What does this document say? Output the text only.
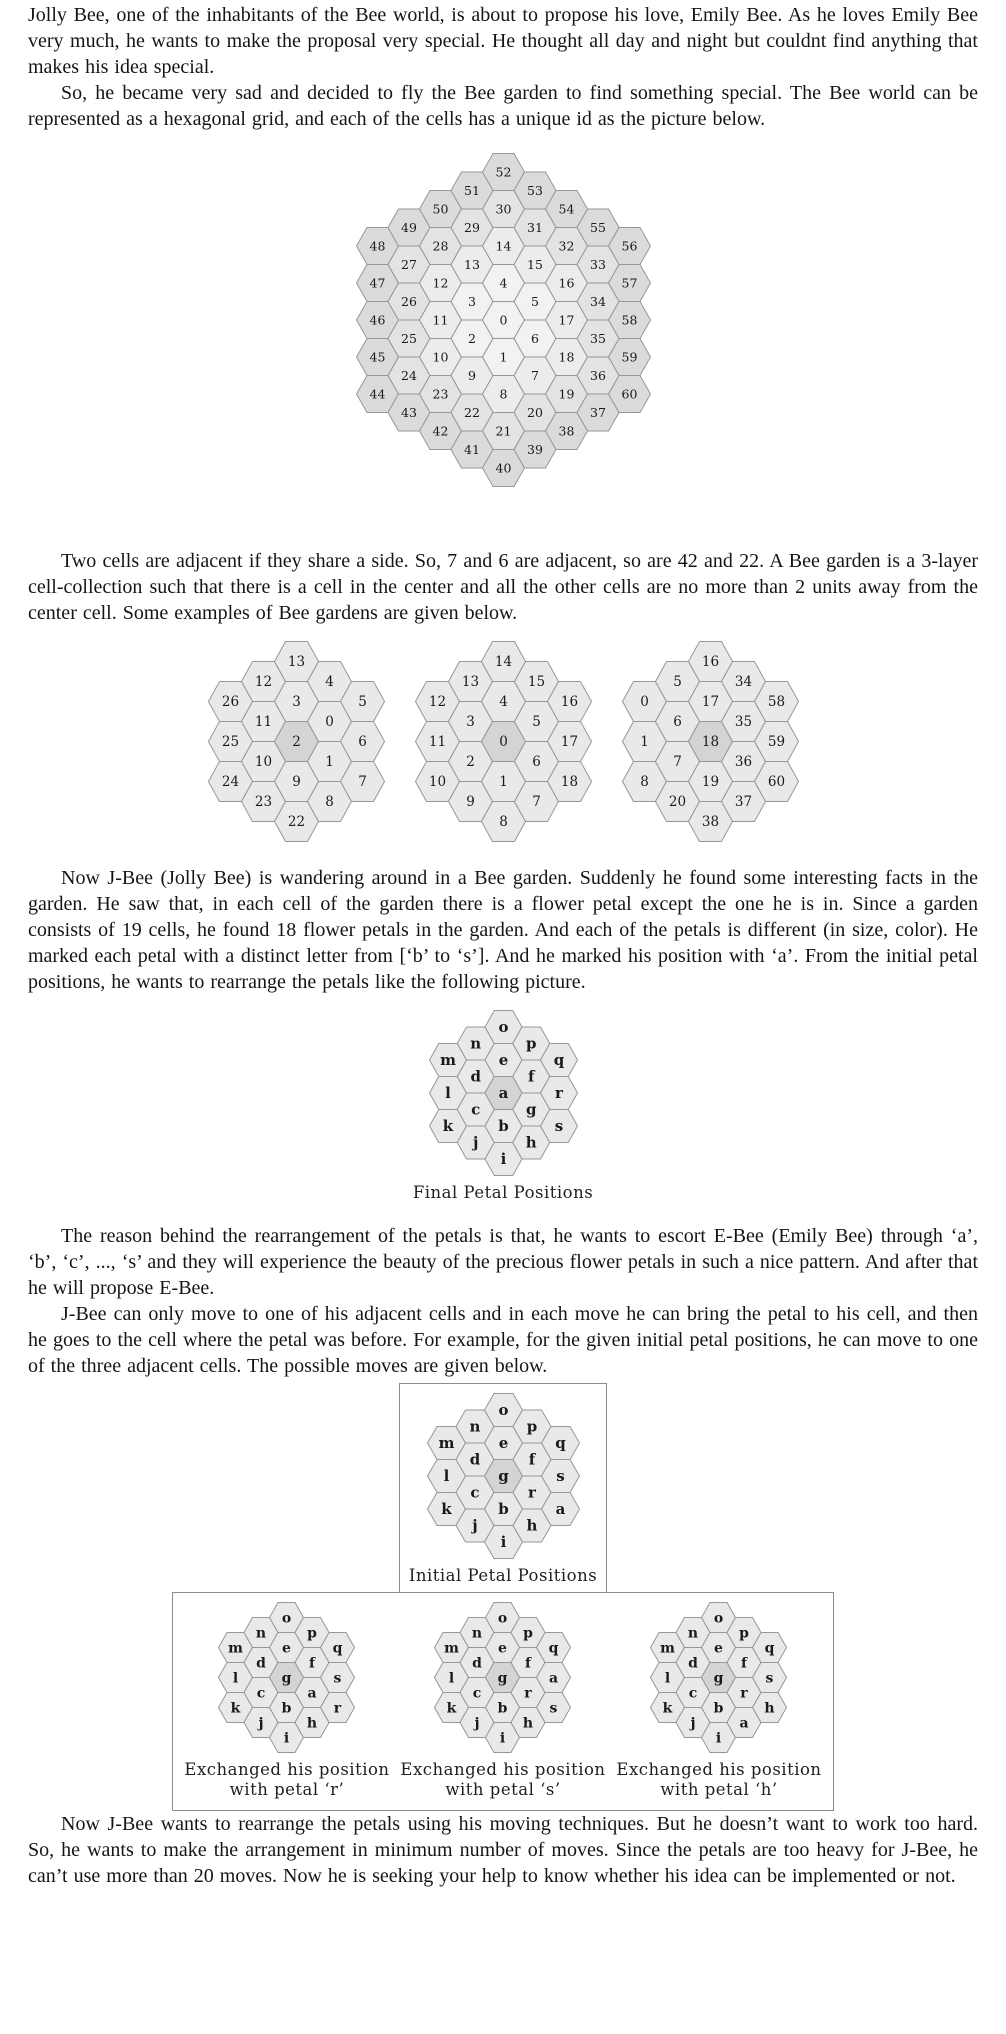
Jolly Bee, one of the inhabitants of the Bee world, is about to propose his love, Emily Bee. As he loves Emily Bee very much, he wants to make the proposal very special. He thought all day and night but couldnt find anything that makes his idea special.

So, he became very sad and decided to fly the Bee garden to find something special. The Bee world can be represented as a hexagonal grid, and each of the cells has a unique id as the picture below.

48
47
46
45
44
49
27
26
25
24
43
50
28
12
11
10
23
42
51
29
13
3
2
9
22
41
52
30
14
4
0
1
8
21
40
53
31
15
5
6
7
20
39
54
32
16
17
18
19
38
55
33
34
35
36
37
56
57
58
59
60

Two cells are adjacent if they share a side. So, 7 and 6 are adjacent, so are 42 and 22. A Bee garden is a 3-layer cell-collection such that there is a cell in the center and all the other cells are no more than 2 units away from the center cell. Some examples of Bee gardens are given below.

26
25
24
12
11
10
23
13
3
2
9
22
4
0
1
8
5
6
7
12
11
10
13
3
2
9
14
4
0
1
8
15
5
6
7
16
17
18
0
1
8
5
6
7
20
16
17
18
19
38
34
35
36
37
58
59
60

Now J-Bee (Jolly Bee) is wandering around in a Bee garden. Suddenly he found some interesting facts in the garden. He saw that, in each cell of the garden there is a flower petal except the one he is in. Since a garden consists of 19 cells, he found 18 flower petals in the garden. And each of the petals is different (in size, color). He marked each petal with a distinct letter from [‘b’ to ‘s’]. And he marked his position with ‘a’. From the initial petal positions, he wants to rearrange the petals like the following picture.

m
l
k
n
d
c
j
o
e
a
b
i
p
f
g
h
q
r
s
Final Petal Positions

The reason behind the rearrangement of the petals is that, he wants to escort E-Bee (Emily Bee) through ‘a’, ‘b’, ‘c’, ..., ‘s’ and they will experience the beauty of the precious flower petals in such a nice pattern. And after that he will propose E-Bee.

J-Bee can only move to one of his adjacent cells and in each move he can bring the petal to his cell, and then he goes to the cell where the petal was before. For example, for the given initial petal positions, he can move to one of the three adjacent cells. The possible moves are given below.

m
l
k
n
d
c
j
o
e
g
b
i
p
f
r
h
q
s
a
Initial Petal Positions
m
l
k
n
d
c
j
o
e
g
b
i
p
f
a
h
q
s
r
Exchanged his position
with petal ‘r’
m
l
k
n
d
c
j
o
e
g
b
i
p
f
r
h
q
a
s
Exchanged his position
with petal ‘s’
m
l
k
n
d
c
j
o
e
g
b
i
p
f
r
a
q
s
h
Exchanged his position
with petal ‘h’

Now J-Bee wants to rearrange the petals using his moving techniques. But he doesn’t want to work too hard. So, he wants to make the arrangement in minimum number of moves. Since the petals are too heavy for J-Bee, he can’t use more than 20 moves. Now he is seeking your help to know whether his idea can be implemented or not.
